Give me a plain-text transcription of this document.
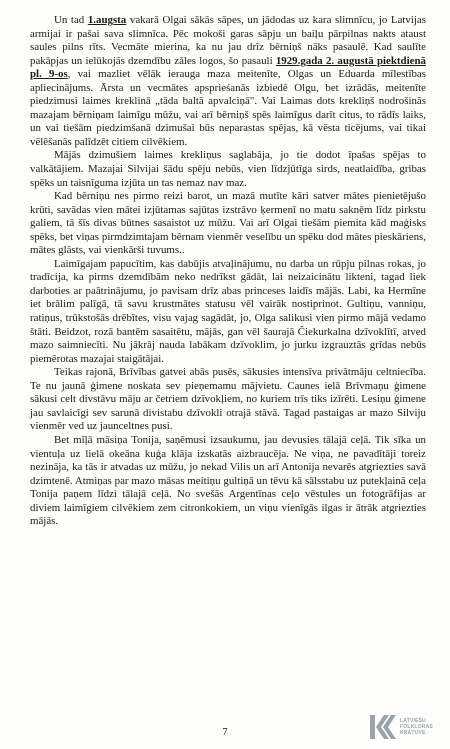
Un tad 1.augsta vakarā Olgai sākās sāpes, un jādodas uz kara slimnīcu, jo Latvijas armijai ir pašai sava slimnīca. Pēc mokoši garas sāpju un baiļu pārpilnas nakts ataust saules pilns rīts. Vecmāte mierina, ka nu jau drīz bērniņš nāks pasaulē. Kad saulīte pakāpjas un ielūkojās dzemdību zāles logos, šo pasauli 1929.gada 2. augustā piektdienā pl. 9-os, vai mazliet vēlāk ierauga maza meitenīte, Olgas un Eduarda mīlestības apliecinājums. Ārsta un vecmātes apsprieśanās izbiedē Olgu, bet izrādās, meitenīte piedzimusi laimes kreklinā „tāda baltā apvalciņā". Vai Laimas dots krekliņš nodrošinās mazajam bērniņam laimīgu mūžu, vai arī bērniņš spēs laimīgus darīt citus, to rādīs laiks, un vai tiešām piedzimšanā dzimušai būs neparastas spējas, kā vēsta ticējums, vai tikai vēlēšanās palīdzēt citiem cilvēkiem.

Mājās dzimušiem laimes krekliņus saglabāja, jo tie dodot īpašas spējas to valkātājiem. Mazajai Silvijai šādu spēju nebūs, vien līdzjūtīga sirds, neatlaidība, gribas spēks un taisnīguma izjūta un tas nemaz nav maz.

Kad bērniņu nes pirmo reizi barot, un mazā mutīte kāri satver mātes pienietējušo krūti, savādas vien mātei izjūtamas sajūtas izstrāvo ķermenī no matu saknēm līdz pirkstu galiem, tā šīs divas būtnes sasaistot uz mūžu. Vai arī Olgai tiešām piemita kād maģisks spēks, bet viņas pirmdzimtajam bērnam vienmēr veselību un spēku dod mātes pieskāriens, mātes glāsts, vai vienkārši tuvums..

Laimīgajam papucītim, kas dabūjis atvaļinājumu, nu darba un rūpju pilnas rokas, jo tradīcija, ka pirms dzemdībām neko nedrīkst gādāt, lai neizaicinātu likteni, tagad liek darboties ar paātrinājumu, jo pavisam drīz abas princeses laidīs mājās. Labi, ka Hermīne iet brālim palīgā, tā savu krustmātes statusu vēl vairāk nostiprinot. Gultiņu, vanniņu, ratiņus, trūkstošās drēbītes, visu vajag sagādāt, jo, Olga salikusi vien pirmo mājā vedamo štāti. Beidzot, rozā bantēm sasaitētu, mājās, gan vēl šaurajā Čiekurkalna dzīvoklītī, atved mazo saimniecīti. Nu jākrāj nauda labākam dzīvoklim, jo jurku izgrauztās grīdas nebūs piemērotas mazajai staigātājai.

Teikas rajonā, Brīvības gatvei abās pusēs, sākusies intensīva privātmāju celtniecība. Te nu jaunā ģimene noskata sev pieņemamu mājvietu. Caunes ielā Brīvmaņu ģimene sākusi celt divstāvu māju ar četriem dzīvokļiem, no kuriem trīs tiks izīrēti. Lesiņu ģimene jau savlaicīgi sev sarunā divistabu dzīvokli otrajā stāvā. Tagad pastaigas ar mazo Silviju vienmēr ved uz jaunceltnes pusi.

Bet mīļā māsiņa Tonija, saņēmusi izsaukumu, jau devusies tālajā ceļā. Tik sīka un vientuļa uz lielā okeāna kuģa klāja izskatās aizbraucēja. Ne viņa, ne pavadītāji toreiz nezināja, ka tās ir atvadas uz mūžu, jo nekad Vilis un arī Antonija nevarēs atgriezties savā dzimtenē. Atmiņas par mazo māsas meitiņu gultiņā un tēvu kā sālsstabu uz putekļainā ceļa Tonija paņem līdzi tālajā ceļā. No svešās Argentīnas ceļo vēstules un fotogrāfijas ar diviem laimīgiem cilvēkiem zem citronkokiem, un viņu vienīgās ilgas ir ātrāk atgriezties mājās.

7
LATVIEŠU
FOLKLORAS
KRĀTUVE
